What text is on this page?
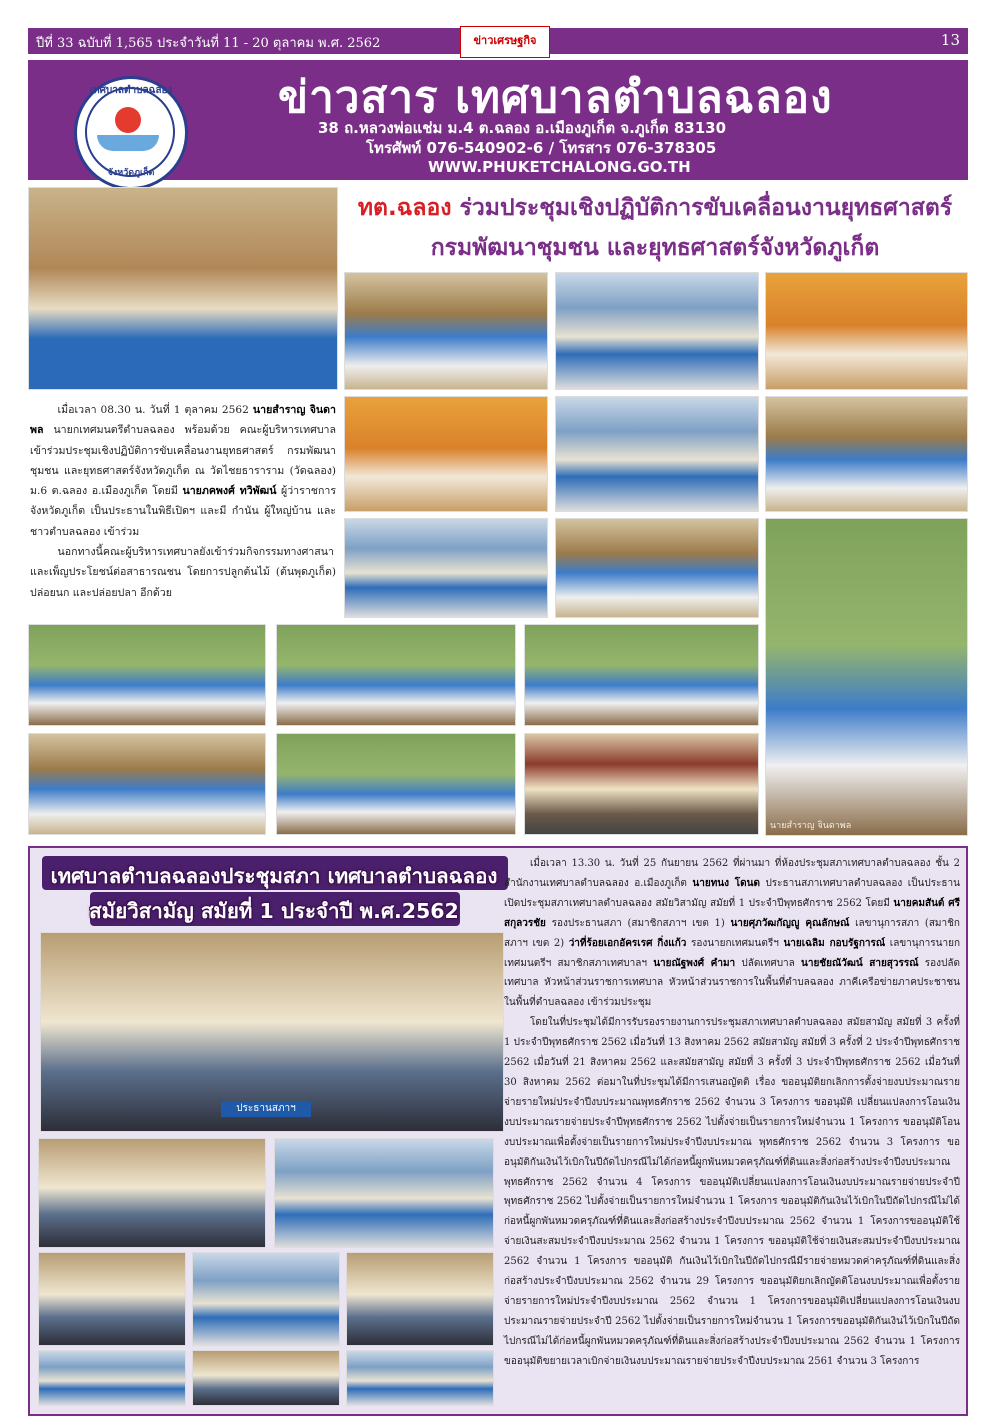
ปีที่ 33 ฉบับที่ 1,565 ประจำวันที่ 11 - 20 ตุลาคม พ.ศ. 2562	ข่าวเศรษฐกิจ	13
เทศบาลตำบลฉลอง
จังหวัดภูเก็ต
ข่าวสาร เทศบาลตำบลฉลอง
38 ถ.หลวงพ่อแช่ม ม.4 ต.ฉลอง อ.เมืองภูเก็ต จ.ภูเก็ต 83130
โทรศัพท์ 076-540902-6 / โทรสาร 076-378305
WWW.PHUKETCHALONG.GO.TH
ทต.ฉลอง ร่วมประชุมเชิงปฏิบัติการขับเคลื่อนงานยุทธศาสตร์
กรมพัฒนาชุมชน และยุทธศาสตร์จังหวัดภูเก็ต
นายสำราญ จินดาพล

เมื่อเวลา 08.30 น. วันที่ 1 ตุลาคม 2562 นายสำราญ จินดาพล นายกเทศมนตรีตำบลฉลอง พร้อมด้วย คณะผู้บริหารเทศบาล เข้าร่วมประชุมเชิงปฏิบัติการขับเคลื่อนงานยุทธศาสตร์ กรมพัฒนาชุมชน และยุทธศาสตร์จังหวัดภูเก็ต ณ วัดไชยธาราราม (วัดฉลอง) ม.6 ต.ฉลอง อ.เมืองภูเก็ต โดยมี นายภคพงศ์ ทวิพัฒน์ ผู้ว่าราชการจังหวัดภูเก็ต เป็นประธานในพิธีเปิดฯ และมี กำนัน ผู้ใหญ่บ้าน และชาวตำบลฉลอง เข้าร่วม

นอกทางนี้คณะผู้บริหารเทศบาลยังเข้าร่วมกิจกรรมทางศาสนา และเพ็ญประโยชน์ต่อสาธารณชน โดยการปลูกต้นไม้ (ต้นพุดภูเก็ต) ปล่อยนก และปล่อยปลา อีกด้วย

เทศบาลตำบลฉลองประชุมสภา เทศบาลตำบลฉลอง
สมัยวิสามัญ สมัยที่ 1 ประจำปี พ.ศ.2562
ประธานสภาฯ

เมื่อเวลา 13.30 น. วันที่ 25 กันยายน 2562 ที่ผ่านมา ที่ห้องประชุมสภาเทศบาลตำบลฉลอง ชั้น 2 สำนักงานเทศบาลตำบลฉลอง อ.เมืองภูเก็ต นายทนง โดนด ประธานสภาเทศบาลตำบลฉลอง เป็นประธานเปิดประชุมสภาเทศบาลตำบลฉลอง สมัยวิสามัญ สมัยที่ 1 ประจำปีพุทธศักราช 2562 โดยมี นายคมสันต์ ศรีสกุลวรชัย รองประธานสภา (สมาชิกสภาฯ เขต 1) นายศุภวัฒกัญญู คุณลักษณ์ เลขานุการสภา (สมาชิกสภาฯ เขต 2) ว่าที่ร้อยเอกอัครเรศ กิ่งแก้ว รองนายกเทศมนตรีฯ นายเฉลิม กอบรัฐการณ์ เลขานุการนายกเทศมนตรีฯ สมาชิกสภาเทศบาลฯ นายณัฐพงศ์ คำมา ปลัดเทศบาล นายชัยณัวัฒน์ สายสุวรรณ์ รองปลัดเทศบาล หัวหน้าส่วนราชการเทศบาล หัวหน้าส่วนราชการในพื้นที่ตำบลฉลอง ภาคีเครือข่ายภาคประชาชนในพื้นที่ตำบลฉลอง เข้าร่วมประชุม

โดยในที่ประชุมได้มีการรับรองรายงานการประชุมสภาเทศบาลตำบลฉลอง สมัยสามัญ สมัยที่ 3 ครั้งที่ 1 ประจำปีพุทธศักราช 2562 เมื่อวันที่ 13 สิงหาคม 2562 สมัยสามัญ สมัยที่ 3 ครั้งที่ 2 ประจำปีพุทธศักราช 2562 เมื่อวันที่ 21 สิงหาคม 2562 และสมัยสามัญ สมัยที่ 3 ครั้งที่ 3 ประจำปีพุทธศักราช 2562 เมื่อวันที่ 30 สิงหาคม 2562 ต่อมาในที่ประชุมได้มีการเสนอญัตติ เรื่อง ขออนุมัติยกเลิกการตั้งจ่ายงบประมาณรายจ่ายรายใหม่ประจำปีงบประมาณพุทธศักราช 2562 จำนวน 3 โครงการ ขออนุมัติ เปลี่ยนแปลงการโอนเงินงบประมาณรายจ่ายประจำปีพุทธศักราช 2562 ไปตั้งจ่ายเป็นรายการใหม่จำนวน 1 โครงการ ขออนุมัติโอนงบประมาณเพื่อตั้งจ่ายเป็นรายการใหม่ประจำปีงบประมาณ พุทธศักราช 2562 จำนวน 3 โครงการ ขออนุมัติกันเงินไว้เบิกในปีถัดไปกรณีไม่ได้ก่อหนี้ผูกพันหมวดครุภัณฑ์ที่ดินและสิ่งก่อสร้างประจำปีงบประมาณพุทธศักราช 2562 จำนวน 4 โครงการ ขออนุมัติเปลี่ยนแปลงการโอนเงินงบประมาณรายจ่ายประจำปีพุทธศักราช 2562 ไปตั้งจ่ายเป็นรายการใหม่จำนวน 1 โครงการ ขออนุมัติกันเงินไว้เบิกในปีถัดไปกรณีไม่ได้ก่อหนี้ผูกพันหมวดครุภัณฑ์ที่ดินและสิ่งก่อสร้างประจำปีงบประมาณ 2562 จำนวน 1 โครงการขออนุมัติใช้จ่ายเงินสะสมประจำปีงบประมาณ 2562 จำนวน 1 โครงการ ขออนุมัติใช้จ่ายเงินสะสมประจำปีงบประมาณ 2562 จำนวน 1 โครงการ ขออนุมัติ กันเงินไว้เบิกในปีถัดไปกรณีมีรายจ่ายหมวดค่าครุภัณฑ์ที่ดินและสิ่งก่อสร้างประจำปีงบประมาณ 2562 จำนวน 29 โครงการ ขออนุมัติยกเลิกญัตติโอนงบประมาณเพื่อตั้งรายจ่ายรายการใหม่ประจำปีงบประมาณ 2562 จำนวน 1 โครงการขออนุมัติเปลี่ยนแปลงการโอนเงินงบประมาณรายจ่ายประจำปี 2562 ไปตั้งจ่ายเป็นรายการใหม่จำนวน 1 โครงการขออนุมัติกันเงินไว้เบิกในปีถัดไปกรณีไม่ได้ก่อหนี้ผูกพันหมวดครุภัณฑ์ที่ดินและสิ่งก่อสร้างประจำปีงบประมาณ 2562 จำนวน 1 โครงการขออนุมัติขยายเวลาเบิกจ่ายเงินงบประมาณรายจ่ายประจำปีงบประมาณ 2561 จำนวน 3 โครงการ
